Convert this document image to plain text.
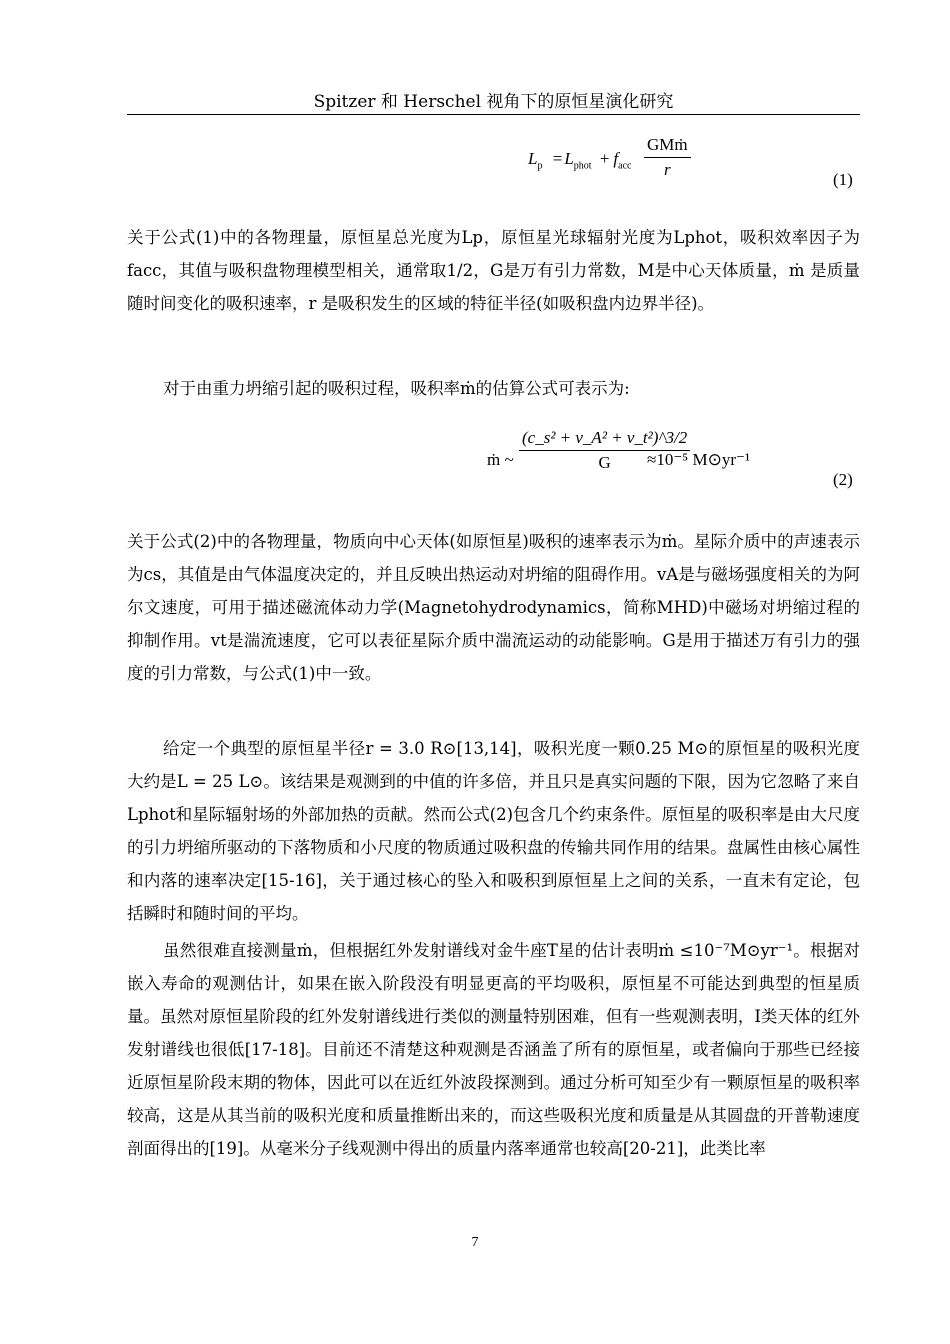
Spitzer 和 Herschel 视角下的原恒星演化研究
$L_p = L_{phot} + f_{acc}$
GMṁ
r
(1)

关于公式(1)中的各物理量，原恒星总光度为Lp，原恒星光球辐射光度为Lphot，吸积效率因子为facc，其值与吸积盘物理模型相关，通常取1/2，G是万有引力常数，M是中心天体质量，ṁ 是质量随时间变化的吸积速率，r 是吸积发生的区域的特征半径(如吸积盘内边界半径)。

对于由重力坍缩引起的吸积过程，吸积率ṁ的估算公式可表示为:

ṁ ~ $\frac{\text{(c\_s² + v\_A² + v\_t²)\textasciicircum{}3/2}}{G}$
≈10⁻⁵ M⊙yr⁻¹
(2)

关于公式(2)中的各物理量，物质向中心天体(如原恒星)吸积的速率表示为ṁ。星际介质中的声速表示为cs，其值是由气体温度决定的，并且反映出热运动对坍缩的阻碍作用。vA是与磁场强度相关的为阿尔文速度，可用于描述磁流体动力学(Magnetohydrodynamics，简称MHD)中磁场对坍缩过程的抑制作用。vt是湍流速度，它可以表征星际介质中湍流运动的动能影响。G是用于描述万有引力的强度的引力常数，与公式(1)中一致。

给定一个典型的原恒星半径r = 3.0 R⊙[13,14]，吸积光度一颗0.25 M⊙的原恒星的吸积光度大约是L = 25 L⊙。该结果是观测到的中值的许多倍，并且只是真实问题的下限，因为它忽略了来自Lphot和星际辐射场的外部加热的贡献。然而公式(2)包含几个约束条件。原恒星的吸积率是由大尺度的引力坍缩所驱动的下落物质和小尺度的物质通过吸积盘的传输共同作用的结果。盘属性由核心属性和内落的速率决定[15-16]，关于通过核心的坠入和吸积到原恒星上之间的关系，一直未有定论，包括瞬时和随时间的平均。

虽然很难直接测量ṁ，但根据红外发射谱线对金牛座T星的估计表明ṁ ≤10⁻⁷M⊙yr⁻¹。根据对嵌入寿命的观测估计，如果在嵌入阶段没有明显更高的平均吸积，原恒星不可能达到典型的恒星质量。虽然对原恒星阶段的红外发射谱线进行类似的测量特别困难，但有一些观测表明，I类天体的红外发射谱线也很低[17-18]。目前还不清楚这种观测是否涵盖了所有的原恒星，或者偏向于那些已经接近原恒星阶段末期的物体，因此可以在近红外波段探测到。通过分析可知至少有一颗原恒星的吸积率较高，这是从其当前的吸积光度和质量推断出来的，而这些吸积光度和质量是从其圆盘的开普勒速度剖面得出的[19]。从毫米分子线观测中得出的质量内落率通常也较高[20-21]，此类比率

7
